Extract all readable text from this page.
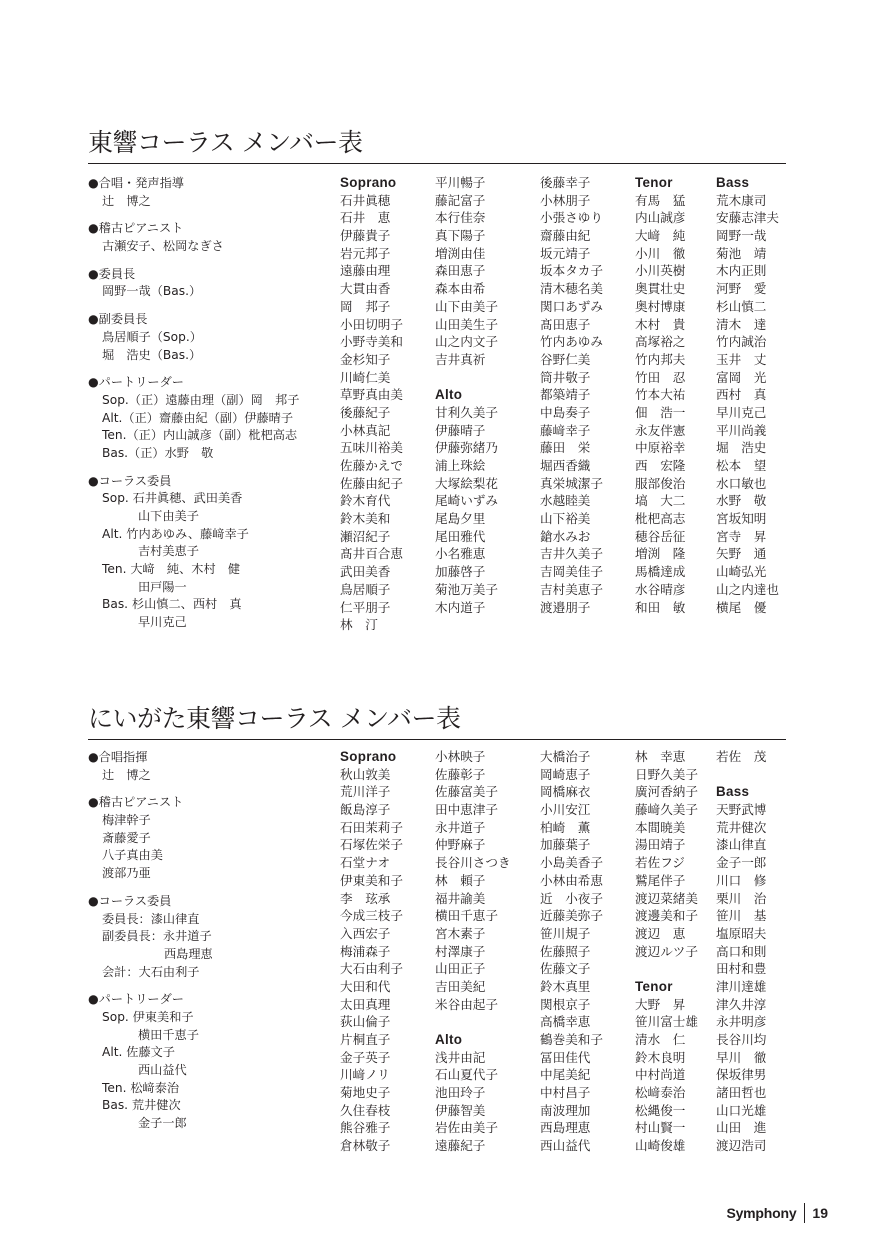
東響コーラス メンバー表
●合唱・発声指導
辻　博之
●稽古ピアニスト
古瀬安子、松岡なぎさ
●委員長
岡野一哉（Bas.）
●副委員長
鳥居順子（Sop.）
堀　浩史（Bas.）
●パートリーダー
Sop.（正）遠藤由理（副）岡　邦子
Alt.（正）齋藤由紀（副）伊藤晴子
Ten.（正）内山誠彦（副）枇杷高志
Bas.（正）水野　敬
●コーラス委員
Sop. 石井眞穂、武田美香
山下由美子
Alt. 竹内あゆみ、藤﨑幸子
吉村美恵子
Ten. 大﨑　純、木村　健
田戸陽一
Bas. 杉山慎二、西村　真
早川克己
Soprano
石井眞穂
石井　恵
伊藤貴子
岩元邦子
遠藤由理
大貫由香
岡　邦子
小田切明子
小野寺美和
金杉知子
川崎仁美
草野真由美
後藤紀子
小林真記
五味川裕美
佐藤かえで
佐藤由紀子
鈴木育代
鈴木美和
瀬沼紀子
髙井百合恵
武田美香
鳥居順子
仁平朋子
林　汀
平川暢子
藤記富子
本行佳奈
真下陽子
増渕由佳
森田恵子
森本由希
山下由美子
山田美生子
山之内文子
吉井真祈
Alto
甘利久美子
伊藤晴子
伊藤弥緒乃
浦上珠絵
大塚絵梨花
尾崎いずみ
尾島夕里
尾田雅代
小名雅恵
加藤啓子
菊池万美子
木内道子
後藤幸子
小林朋子
小張さゆり
齋藤由紀
坂元靖子
坂本タカ子
清木穂名美
関口あずみ
髙田恵子
竹内あゆみ
谷野仁美
筒井敬子
都築靖子
中島奏子
藤﨑幸子
藤田　栄
堀西香織
真栄城潔子
水越睦美
山下裕美
鎗水みお
吉井久美子
吉岡美佳子
吉村美恵子
渡邉朋子
Tenor
有馬　猛
内山誠彦
大﨑　純
小川　徹
小川英樹
奥貫壮史
奥村博康
木村　貴
高塚裕之
竹内邦夫
竹田　忍
竹本大祐
佃　浩一
永友伴憲
中原裕幸
西　宏隆
服部俊治
塙　大二
枇杷高志
穂谷岳征
増渕　隆
馬橋達成
水谷晴彦
和田　敏
Bass
荒木康司
安藤志津夫
岡野一哉
菊池　靖
木内正則
河野　愛
杉山慎二
清木　達
竹内誠治
玉井　丈
富岡　光
西村　真
早川克己
平川尚義
堀　浩史
松本　望
水口敏也
水野　敬
宮坂知明
宮寺　昇
矢野　通
山崎弘光
山之内達也
横尾　優
にいがた東響コーラス メンバー表
●合唱指揮
辻　博之
●稽古ピアニスト
梅津幹子
斎藤愛子
八子真由美
渡部乃亜
●コーラス委員
委員長：漆山律直
副委員長：永井道子
西島理恵
会計：大石由利子
●パートリーダー
Sop. 伊東美和子
横田千恵子
Alt. 佐藤文子
西山益代
Ten. 松﨑泰治
Bas. 荒井健次
金子一郎
Soprano
秋山敦美
荒川洋子
飯島淳子
石田茉莉子
石塚佐栄子
石堂ナオ
伊東美和子
李　玹承
今成三枝子
入西宏子
梅浦森子
大石由利子
大田和代
太田真理
荻山倫子
片桐直子
金子英子
川﨑ノリ
菊地史子
久住春枝
熊谷雅子
倉林敬子
小林映子
佐藤彰子
佐藤富美子
田中恵津子
永井道子
仲野麻子
長谷川さつき
林　頼子
福井諭美
横田千恵子
宮木素子
村澤康子
山田正子
吉田美紀
米谷由起子
Alto
浅井由記
石山夏代子
池田玲子
伊藤智美
岩佐由美子
遠藤紀子
大橋治子
岡崎恵子
岡橋麻衣
小川安江
柏崎　薫
加藤葉子
小島美香子
小林由希恵
近　小夜子
近藤美弥子
笹川規子
佐藤照子
佐藤文子
鈴木真里
関根京子
高橋幸恵
鶴巻美和子
冨田佳代
中尾美紀
中村昌子
南波理加
西島理恵
西山益代
林　幸恵
日野久美子
廣河香納子
藤﨑久美子
本間暁美
湯田靖子
若佐フジ
鷲尾伴子
渡辺菜緒美
渡邊美和子
渡辺　恵
渡辺ルツ子
Tenor
大野　昇
笹川富士雄
清水　仁
鈴木良明
中村尚道
松﨑泰治
松縄俊一
村山賢一
山崎俊雄
若佐　茂
Bass
天野武博
荒井健次
漆山律直
金子一郎
川口　修
栗川　治
笹川　基
塩原昭夫
高口和則
田村和豊
津川達雄
津久井淳
永井明彦
長谷川均
早川　徹
保坂律男
諸田哲也
山口光雄
山田　進
渡辺浩司
Symphony 19
